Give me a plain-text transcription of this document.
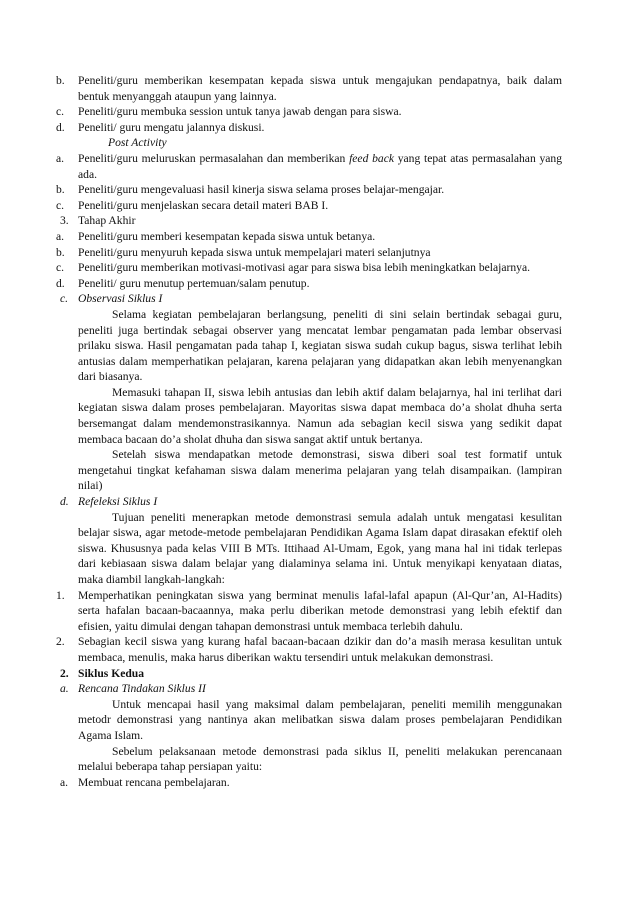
b.	Peneliti/guru memberikan kesempatan kepada siswa untuk mengajukan pendapatnya, baik dalam bentuk menyanggah ataupun yang lainnya.
c.	Peneliti/guru membuka session untuk tanya jawab dengan para siswa.
d.	Peneliti/ guru mengatu jalannya diskusi.
Post Activity
a.	Peneliti/guru meluruskan permasalahan dan memberikan feed back yang tepat atas permasalahan yang ada.
b.	Peneliti/guru mengevaluasi hasil kinerja siswa selama proses belajar-mengajar.
c.	Peneliti/guru menjelaskan secara detail materi BAB I.
3. Tahap Akhir
a.	Peneliti/guru memberi kesempatan kepada siswa untuk betanya.
b.	Peneliti/guru menyuruh kepada siswa untuk mempelajari materi selanjutnya
c.	Peneliti/guru memberikan motivasi-motivasi agar para siswa bisa lebih meningkatkan belajarnya.
d.	Peneliti/ guru menutup pertemuan/salam penutup.
c. Observasi Siklus I
Selama kegiatan pembelajaran berlangsung, peneliti di sini selain bertindak sebagai guru, peneliti juga bertindak sebagai observer yang mencatat lembar pengamatan pada lembar observasi prilaku siswa. Hasil pengamatan pada tahap I, kegiatan siswa sudah cukup bagus, siswa terlihat lebih antusias dalam memperhatikan pelajaran, karena pelajaran yang didapatkan akan lebih menyenangkan dari biasanya.
Memasuki tahapan II, siswa lebih antusias dan lebih aktif dalam belajarnya, hal ini terlihat dari kegiatan siswa dalam proses pembelajaran. Mayoritas siswa dapat membaca do’a sholat dhuha serta bersemangat dalam mendemonstrasikannya. Namun ada sebagian kecil siswa yang sedikit dapat membaca bacaan do’a sholat dhuha dan siswa sangat aktif untuk bertanya.
Setelah siswa mendapatkan metode demonstrasi, siswa diberi soal test formatif untuk mengetahui tingkat kefahaman siswa dalam menerima pelajaran yang telah disampaikan. (lampiran nilai)
d. Refeleksi Siklus I
Tujuan peneliti menerapkan metode demonstrasi semula adalah untuk mengatasi kesulitan belajar siswa, agar metode-metode pembelajaran Pendidikan Agama Islam dapat dirasakan efektif oleh siswa. Khususnya pada kelas VIII B MTs. Ittihaad Al-Umam, Egok, yang mana hal ini tidak terlepas dari kebiasaan siswa dalam belajar yang dialaminya selama ini. Untuk menyikapi kenyataan diatas, maka diambil langkah-langkah:
1.	Memperhatikan peningkatan siswa yang berminat menulis lafal-lafal apapun (Al-Qur’an, Al-Hadits) serta hafalan bacaan-bacaannya, maka perlu diberikan metode demonstrasi yang lebih efektif dan efisien, yaitu dimulai dengan tahapan demonstrasi untuk membaca terlebih dahulu.
2.	Sebagian kecil siswa yang kurang hafal bacaan-bacaan dzikir dan do’a masih merasa kesulitan untuk membaca, menulis, maka harus diberikan waktu tersendiri untuk melakukan demonstrasi.
2. Siklus Kedua
a. Rencana Tindakan Siklus II
Untuk mencapai hasil yang maksimal dalam pembelajaran, peneliti memilih menggunakan metodr demonstrasi yang nantinya akan melibatkan siswa dalam proses pembelajaran Pendidikan Agama Islam.
Sebelum pelaksanaan metode demonstrasi pada siklus II, peneliti melakukan perencanaan melalui beberapa tahap persiapan yaitu:
a. Membuat rencana pembelajaran.
